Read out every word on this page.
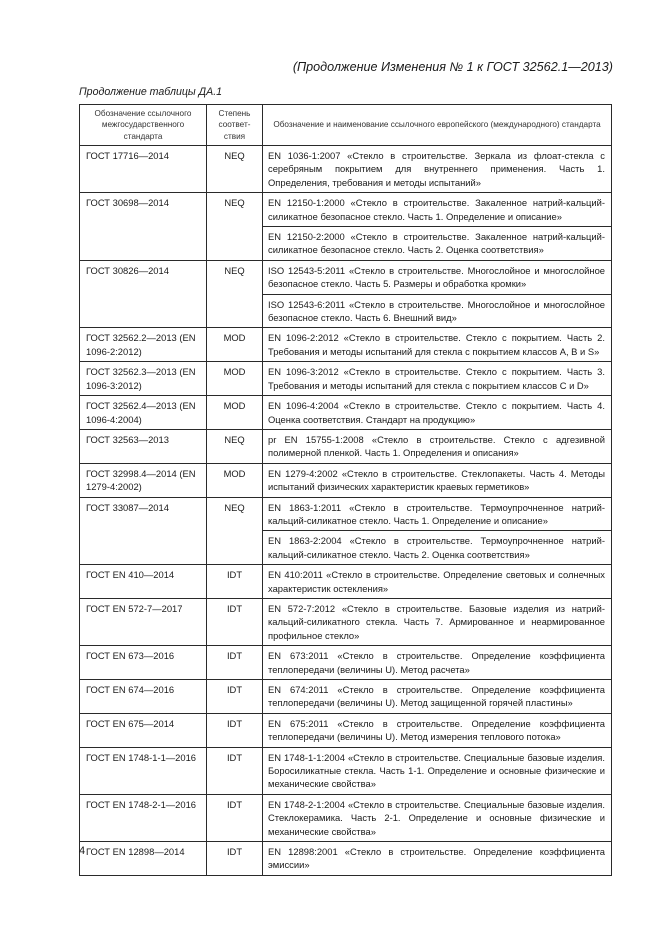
(Продолжение Изменения № 1 к ГОСТ 32562.1—2013)
Продолжение таблицы ДА.1
Обозначение ссылочного межгосударственного стандарта	Степень соответ-ствия	Обозначение и наименование ссылочного европейского (международного) стандарта
ГОСТ 17716—2014	NEQ	EN 1036-1:2007 «Стекло в строительстве. Зеркала из флоат-стекла с серебряным покрытием для внутреннего применения. Часть 1. Определения, требования и методы испытаний»
ГОСТ 30698—2014	NEQ	EN 12150-1:2000 «Стекло в строительстве. Закаленное натрий-кальций-силикатное безопасное стекло. Часть 1. Определение и описание»
		EN 12150-2:2000 «Стекло в строительстве. Закаленное натрий-кальций-силикатное безопасное стекло. Часть 2. Оценка соответствия»
ГОСТ 30826—2014	NEQ	ISO 12543-5:2011 «Стекло в строительстве. Многослойное и многослойное безопасное стекло. Часть 5. Размеры и обработка кромки»
		ISO 12543-6:2011 «Стекло в строительстве. Многослойное и многослойное безопасное стекло. Часть 6. Внешний вид»
ГОСТ 32562.2—2013 (EN 1096-2:2012)	MOD	EN 1096-2:2012 «Стекло в строительстве. Стекло с покрытием. Часть 2. Требования и методы испытаний для стекла с покрытием классов А, В и S»
ГОСТ 32562.3—2013 (EN 1096-3:2012)	MOD	EN 1096-3:2012 «Стекло в строительстве. Стекло с покрытием. Часть 3. Требования и методы испытаний для стекла с покрытием классов С и D»
ГОСТ 32562.4—2013 (EN 1096-4:2004)	MOD	EN 1096-4:2004 «Стекло в строительстве. Стекло с покрытием. Часть 4. Оценка соответствия. Стандарт на продукцию»
ГОСТ 32563—2013	NEQ	pr EN 15755-1:2008 «Стекло в строительстве. Стекло с адгезивной полимерной пленкой. Часть 1. Определения и описания»
ГОСТ 32998.4—2014 (EN 1279-4:2002)	MOD	EN 1279-4:2002 «Стекло в строительстве. Стеклопакеты. Часть 4. Методы испытаний физических характеристик краевых герметиков»
ГОСТ 33087—2014	NEQ	EN 1863-1:2011 «Стекло в строительстве. Термоупрочненное натрий-кальций-силикатное стекло. Часть 1. Определение и описание»
		EN 1863-2:2004 «Стекло в строительстве. Термоупрочненное натрий-кальций-силикатное стекло. Часть 2. Оценка соответствия»
ГОСТ EN 410—2014	IDT	EN 410:2011 «Стекло в строительстве. Определение световых и солнечных характеристик остекления»
ГОСТ EN 572-7—2017	IDT	EN 572-7:2012 «Стекло в строительстве. Базовые изделия из натрий-кальций-силикатного стекла. Часть 7. Армированное и неармированное профильное стекло»
ГОСТ EN 673—2016	IDT	EN 673:2011 «Стекло в строительстве. Определение коэффициента теплопередачи (величины U). Метод расчета»
ГОСТ EN 674—2016	IDT	EN 674:2011 «Стекло в строительстве. Определение коэффициента теплопередачи (величины U). Метод защищенной горячей пластины»
ГОСТ EN 675—2014	IDT	EN 675:2011 «Стекло в строительстве. Определение коэффициента теплопередачи (величины U). Метод измерения теплового потока»
ГОСТ EN 1748-1-1—2016	IDT	EN 1748-1-1:2004 «Стекло в строительстве. Специальные базовые изделия. Боросиликатные стекла. Часть 1-1. Определение и основные физические и механические свойства»
ГОСТ EN 1748-2-1—2016	IDT	EN 1748-2-1:2004 «Стекло в строительстве. Специальные базовые изделия. Стеклокерамика. Часть 2-1. Определение и основные физические и механические свойства»
ГОСТ EN 12898—2014	IDT	EN 12898:2001 «Стекло в строительстве. Определение коэффициента эмиссии»
4
